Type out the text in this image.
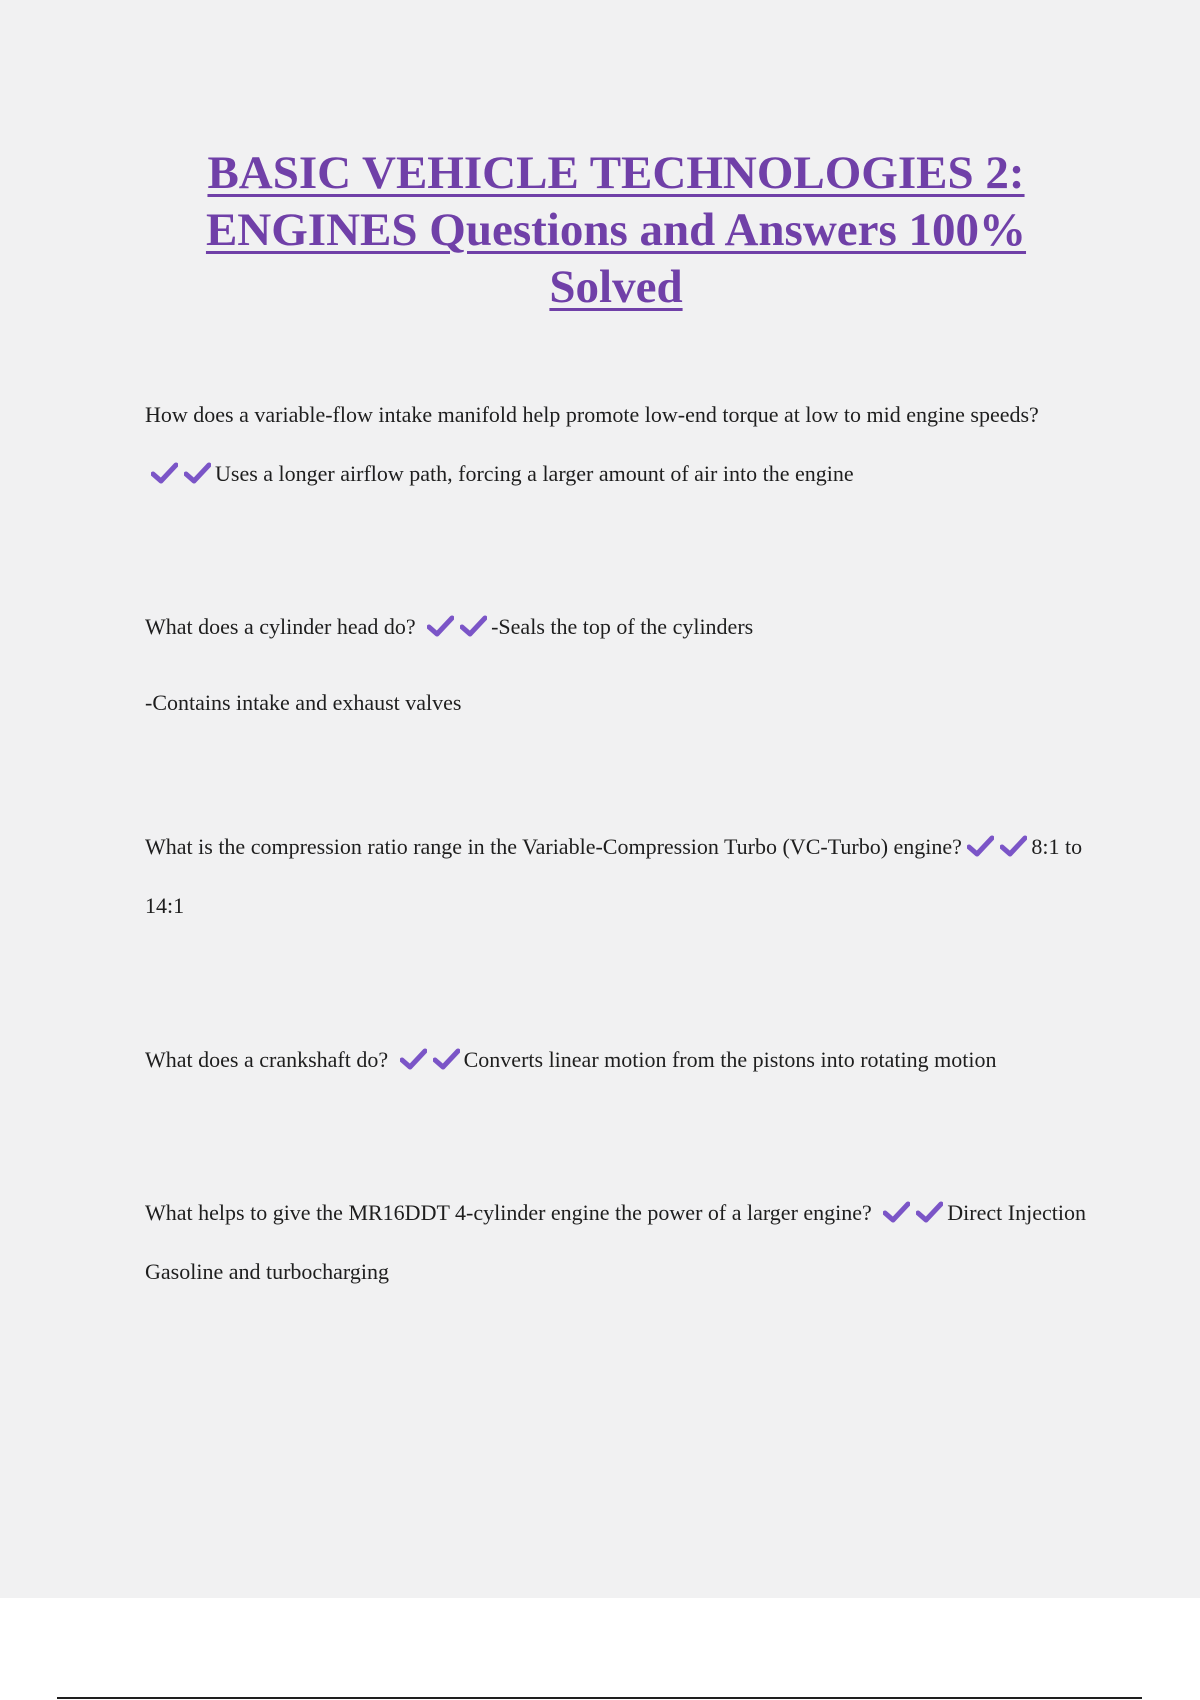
BASIC VEHICLE TECHNOLOGIES 2: ENGINES Questions and Answers 100% Solved

How does a variable-flow intake manifold help promote low-end torque at low to mid engine speeds?
Uses a longer airflow path, forcing a larger amount of air into the engine

What does a cylinder head do?	-Seals the top of the cylinders

-Contains intake and exhaust valves

What is the compression ratio range in the Variable-Compression Turbo (VC-Turbo) engine?	8:1 to 14:1

What does a crankshaft do?	Converts linear motion from the pistons into rotating motion

What helps to give the MR16DDT 4-cylinder engine the power of a larger engine?	Direct Injection Gasoline and turbocharging
